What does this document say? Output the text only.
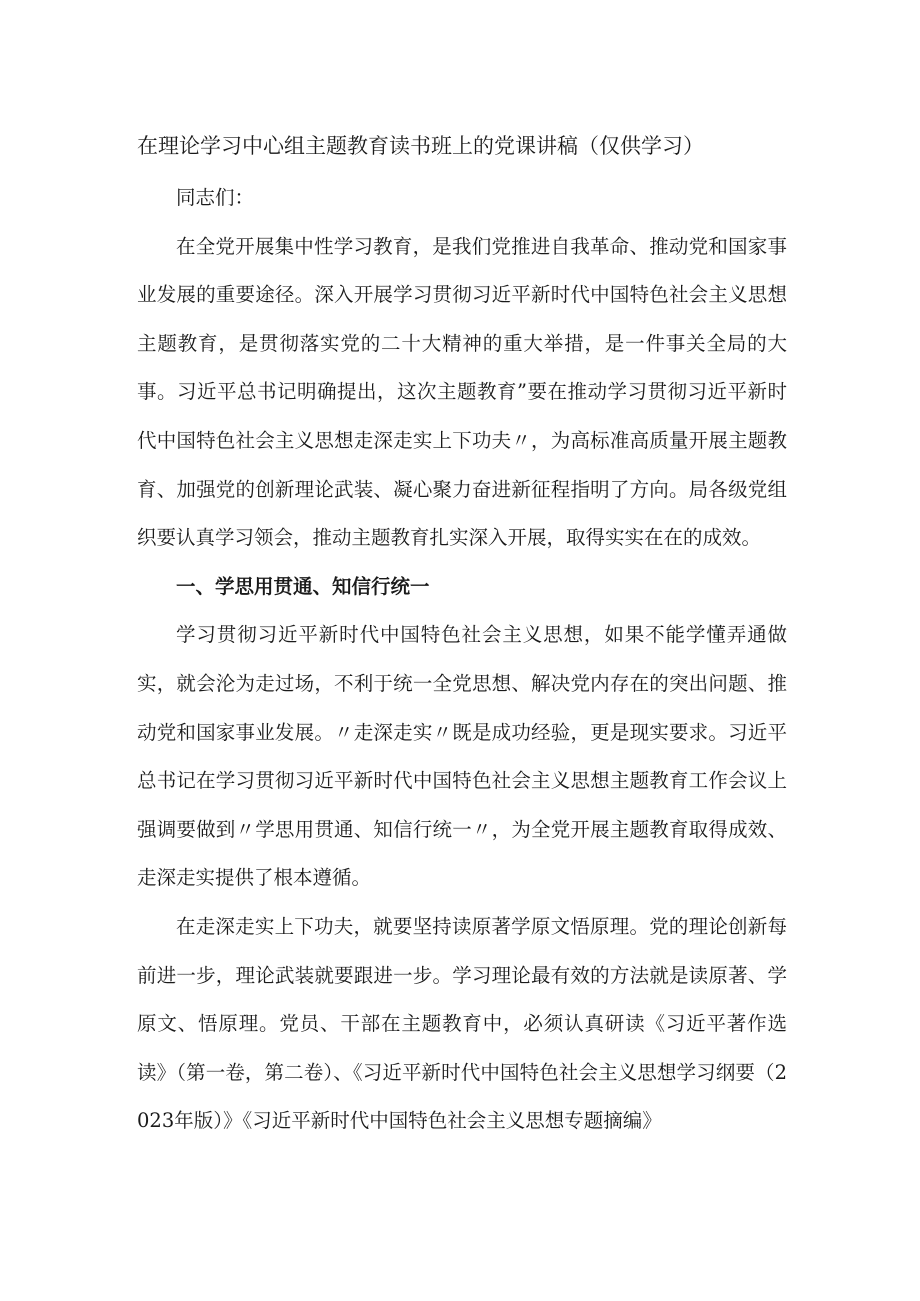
在理论学习中心组主题教育读书班上的党课讲稿（仅供学习）

同志们：

在全党开展集中性学习教育，是我们党推进自我革命、推动党和国家事业发展的重要途径。深入开展学习贯彻习近平新时代中国特色社会主义思想主题教育，是贯彻落实党的二十大精神的重大举措，是一件事关全局的大事。习近平总书记明确提出，这次主题教育”要在推动学习贯彻习近平新时代中国特色社会主义思想走深走实上下功夫〃，为高标准高质量开展主题教育、加强党的创新理论武装、凝心聚力奋进新征程指明了方向。局各级党组织要认真学习领会，推动主题教育扎实深入开展，取得实实在在的成效。

一、学思用贯通、知信行统一

学习贯彻习近平新时代中国特色社会主义思想，如果不能学懂弄通做实，就会沦为走过场，不利于统一全党思想、解决党内存在的突出问题、推动党和国家事业发展。〃走深走实〃既是成功经验，更是现实要求。习近平总书记在学习贯彻习近平新时代中国特色社会主义思想主题教育工作会议上强调要做到〃学思用贯通、知信行统一〃，为全党开展主题教育取得成效、走深走实提供了根本遵循。

在走深走实上下功夫，就要坚持读原著学原文悟原理。党的理论创新每前进一步，理论武装就要跟进一步。学习理论最有效的方法就是读原著、学原文、悟原理。党员、干部在主题教育中，必须认真研读《习近平著作选读》（第一卷，第二卷）、《习近平新时代中国特色社会主义思想学习纲要（2023年版）》《习近平新时代中国特色社会主义思想专题摘编》
